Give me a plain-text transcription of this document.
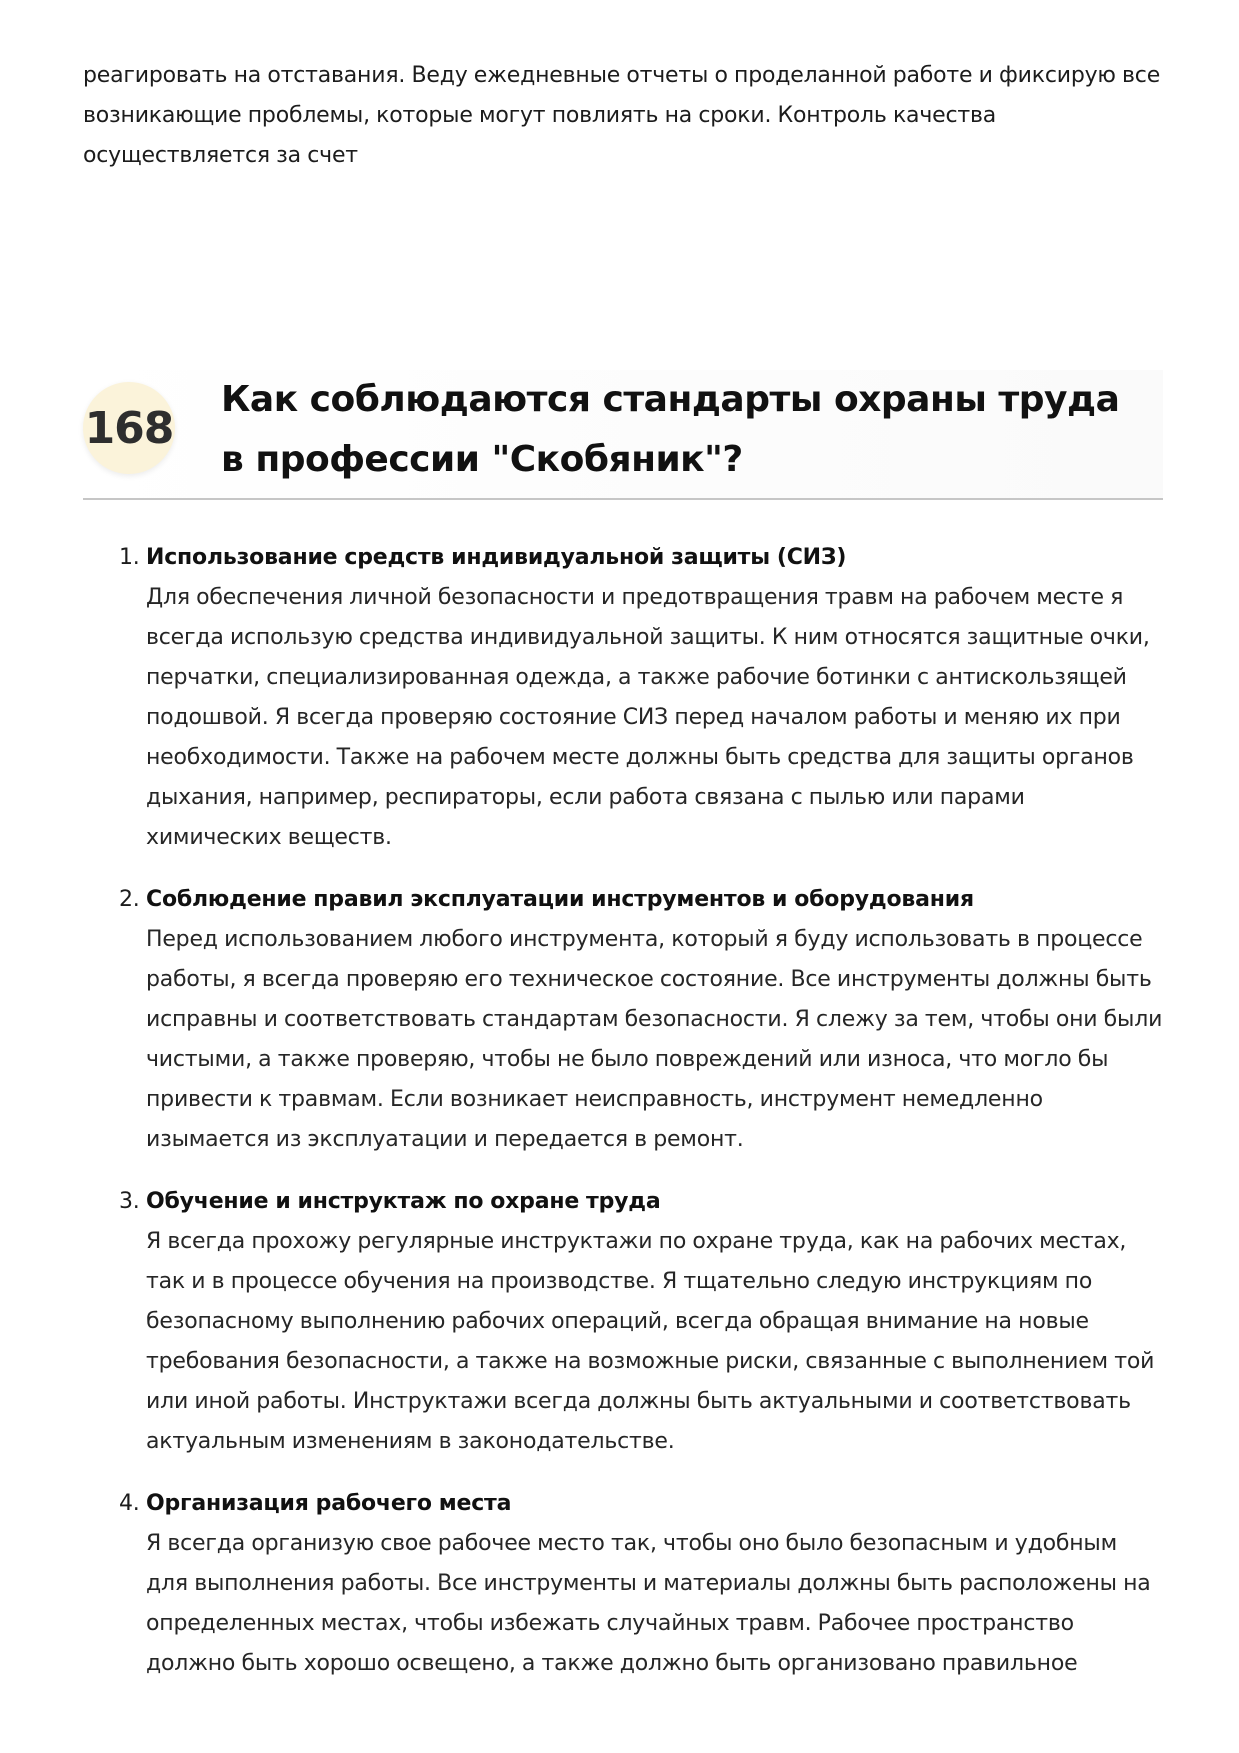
реагировать на отставания. Веду ежедневные отчеты о проделанной работе и фиксирую все возникающие проблемы, которые могут повлиять на сроки. Контроль качества осуществляется за счет

168
Как соблюдаются стандарты охраны труда в профессии "Скобяник"?
1. Использование средств индивидуальной защиты (СИЗ)
Для обеспечения личной безопасности и предотвращения травм на рабочем месте я всегда использую средства индивидуальной защиты. К ним относятся защитные очки, перчатки, специализированная одежда, а также рабочие ботинки с антискользящей подошвой. Я всегда проверяю состояние СИЗ перед началом работы и меняю их при необходимости. Также на рабочем месте должны быть средства для защиты органов дыхания, например, респираторы, если работа связана с пылью или парами химических веществ.
2. Соблюдение правил эксплуатации инструментов и оборудования
Перед использованием любого инструмента, который я буду использовать в процессе работы, я всегда проверяю его техническое состояние. Все инструменты должны быть исправны и соответствовать стандартам безопасности. Я слежу за тем, чтобы они были чистыми, а также проверяю, чтобы не было повреждений или износа, что могло бы привести к травмам. Если возникает неисправность, инструмент немедленно изымается из эксплуатации и передается в ремонт.
3. Обучение и инструктаж по охране труда
Я всегда прохожу регулярные инструктажи по охране труда, как на рабочих местах, так и в процессе обучения на производстве. Я тщательно следую инструкциям по безопасному выполнению рабочих операций, всегда обращая внимание на новые требования безопасности, а также на возможные риски, связанные с выполнением той или иной работы. Инструктажи всегда должны быть актуальными и соответствовать актуальным изменениям в законодательстве.
4. Организация рабочего места
Я всегда организую свое рабочее место так, чтобы оно было безопасным и удобным для выполнения работы. Все инструменты и материалы должны быть расположены на определенных местах, чтобы избежать случайных травм. Рабочее пространство должно быть хорошо освещено, а также должно быть организовано правильное
